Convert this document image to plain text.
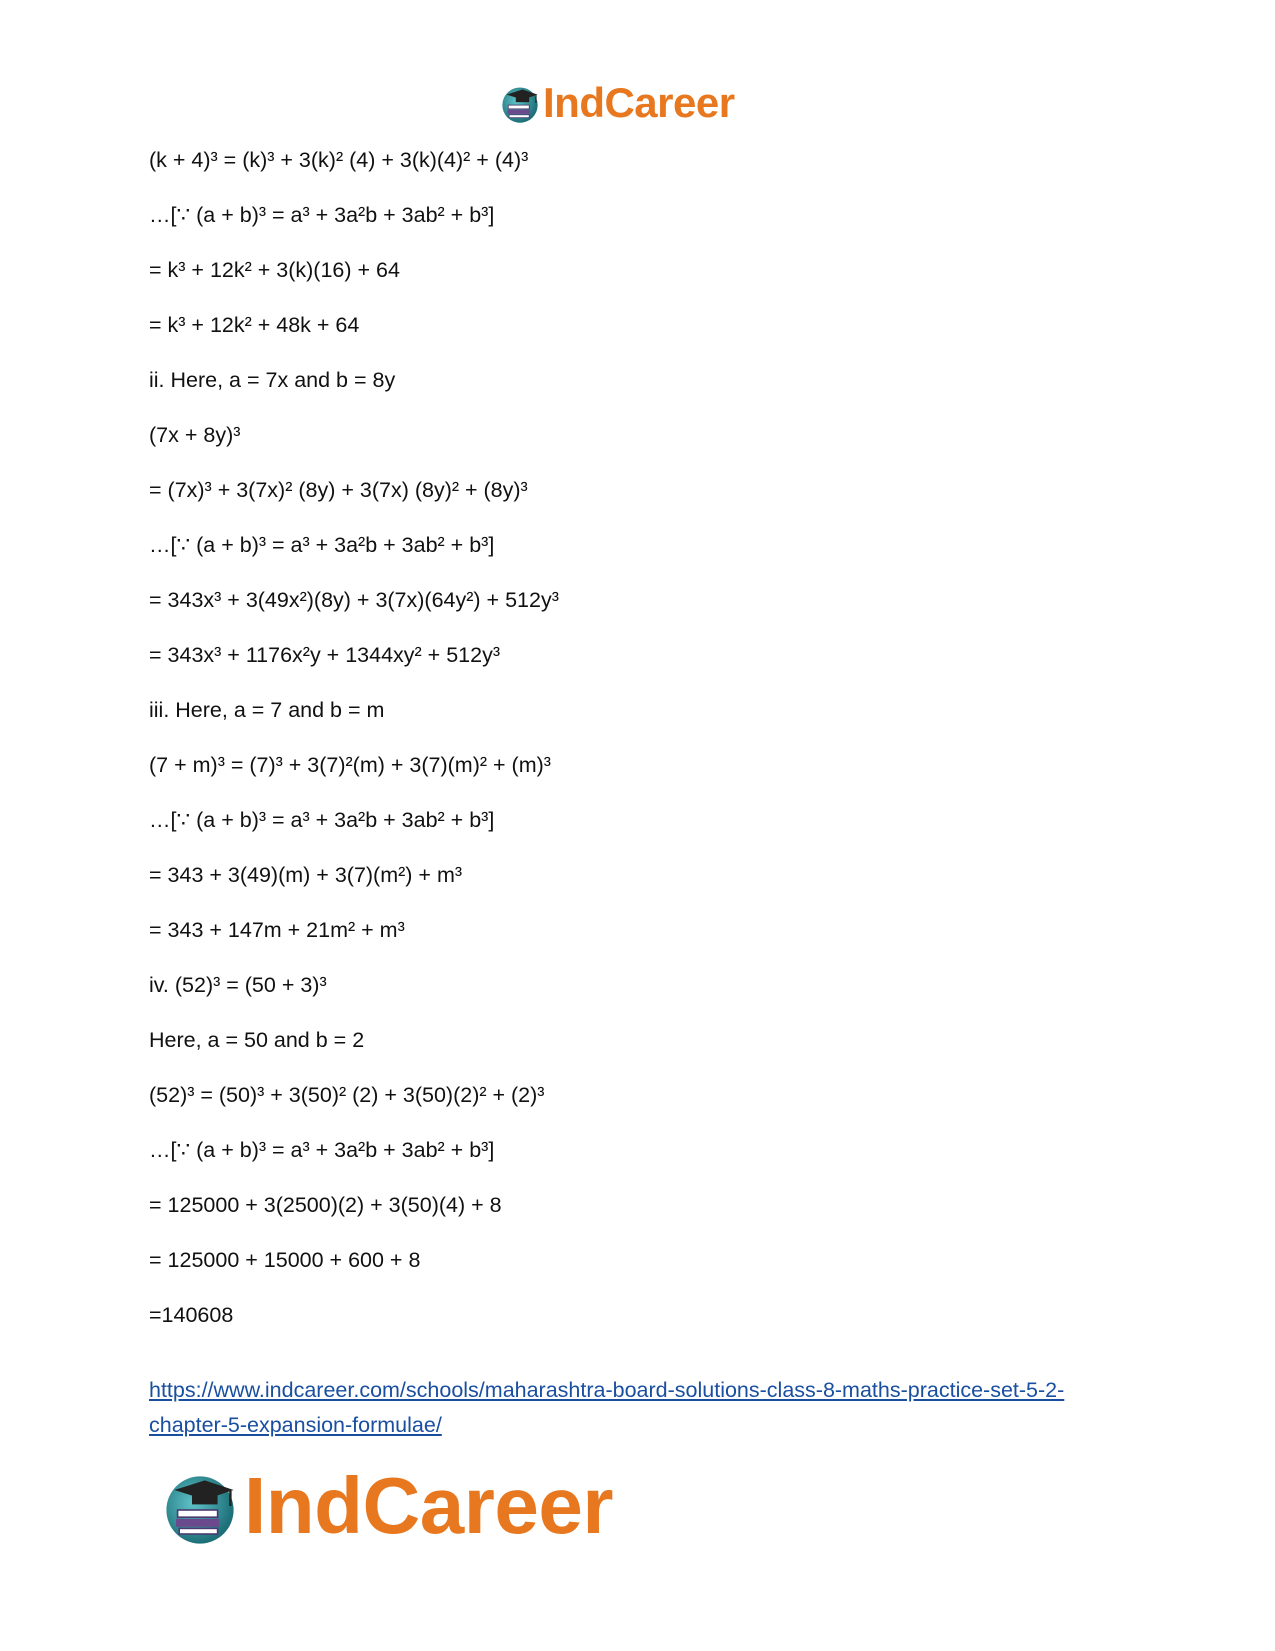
IndCareer

(k + 4)³ = (k)³ + 3(k)² (4) + 3(k)(4)² + (4)³

…[∵ (a + b)³ = a³ + 3a²b + 3ab² + b³]

= k³ + 12k² + 3(k)(16) + 64

= k³ + 12k² + 48k + 64

ii. Here, a = 7x and b = 8y

(7x + 8y)³

= (7x)³ + 3(7x)² (8y) + 3(7x) (8y)² + (8y)³

…[∵ (a + b)³ = a³ + 3a²b + 3ab² + b³]

= 343x³ + 3(49x²)(8y) + 3(7x)(64y²) + 512y³

= 343x³ + 1176x²y + 1344xy² + 512y³

iii. Here, a = 7 and b = m

(7 + m)³ = (7)³ + 3(7)²(m) + 3(7)(m)² + (m)³

…[∵ (a + b)³ = a³ + 3a²b + 3ab² + b³]

= 343 + 3(49)(m) + 3(7)(m²) + m³

= 343 + 147m + 21m² + m³

iv. (52)³ = (50 + 3)³

Here, a = 50 and b = 2

(52)³ = (50)³ + 3(50)² (2) + 3(50)(2)² + (2)³

…[∵ (a + b)³ = a³ + 3a²b + 3ab² + b³]

= 125000 + 3(2500)(2) + 3(50)(4) + 8

= 125000 + 15000 + 600 + 8

=140608

https://www.indcareer.com/schools/maharashtra-board-solutions-class-8-maths-practice-set-5-2-
chapter-5-expansion-formulae/
IndCareer
